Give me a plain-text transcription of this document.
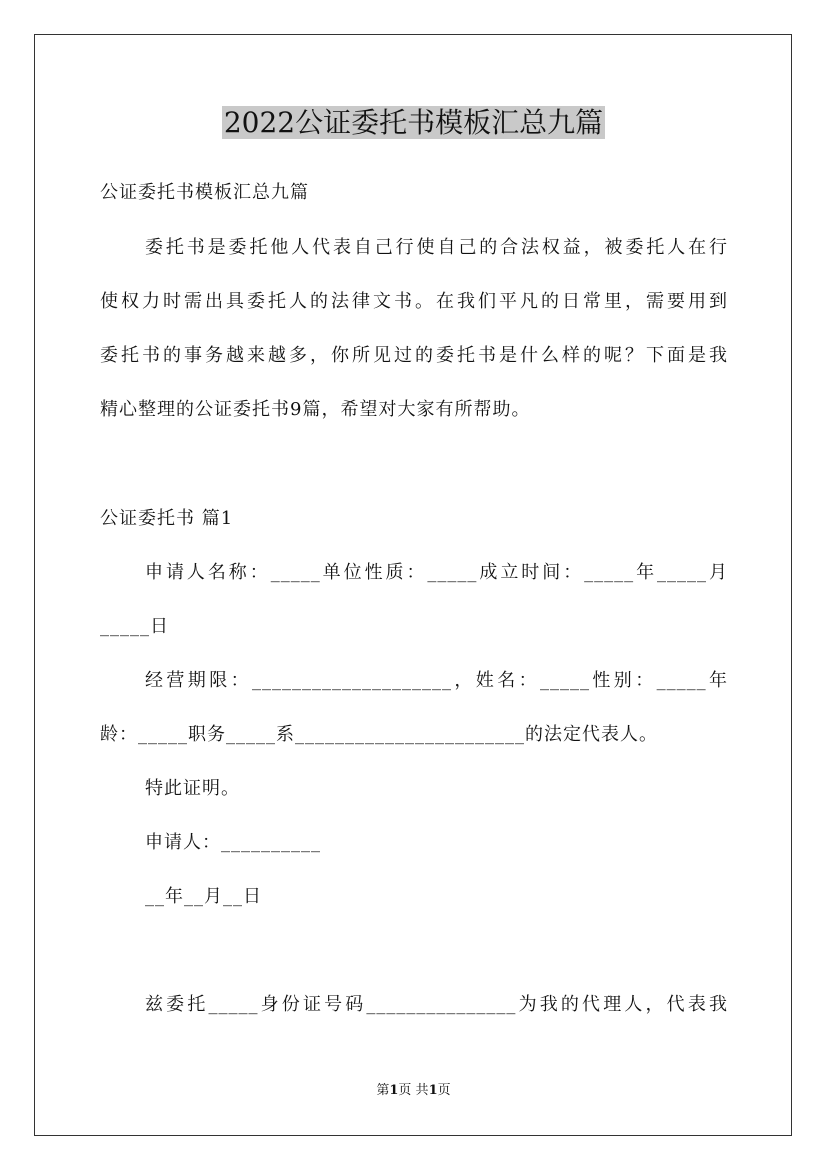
2022公证委托书模板汇总九篇
公证委托书模板汇总九篇
委托书是委托他人代表自己行使自己的合法权益，被委托人在行
使权力时需出具委托人的法律文书。在我们平凡的日常里，需要用到
委托书的事务越来越多，你所见过的委托书是什么样的呢？下面是我
精心整理的公证委托书9篇，希望对大家有所帮助。
公证委托书 篇1
申请人名称：_____单位性质：_____成立时间：_____年_____月
_____日
经营期限：____________________，姓名：_____性别：_____年
龄：_____职务_____系_______________________的法定代表人。
特此证明。
申请人：__________
__年__月__日
兹委托_____身份证号码_______________为我的代理人，代表我
第1页 共1页
